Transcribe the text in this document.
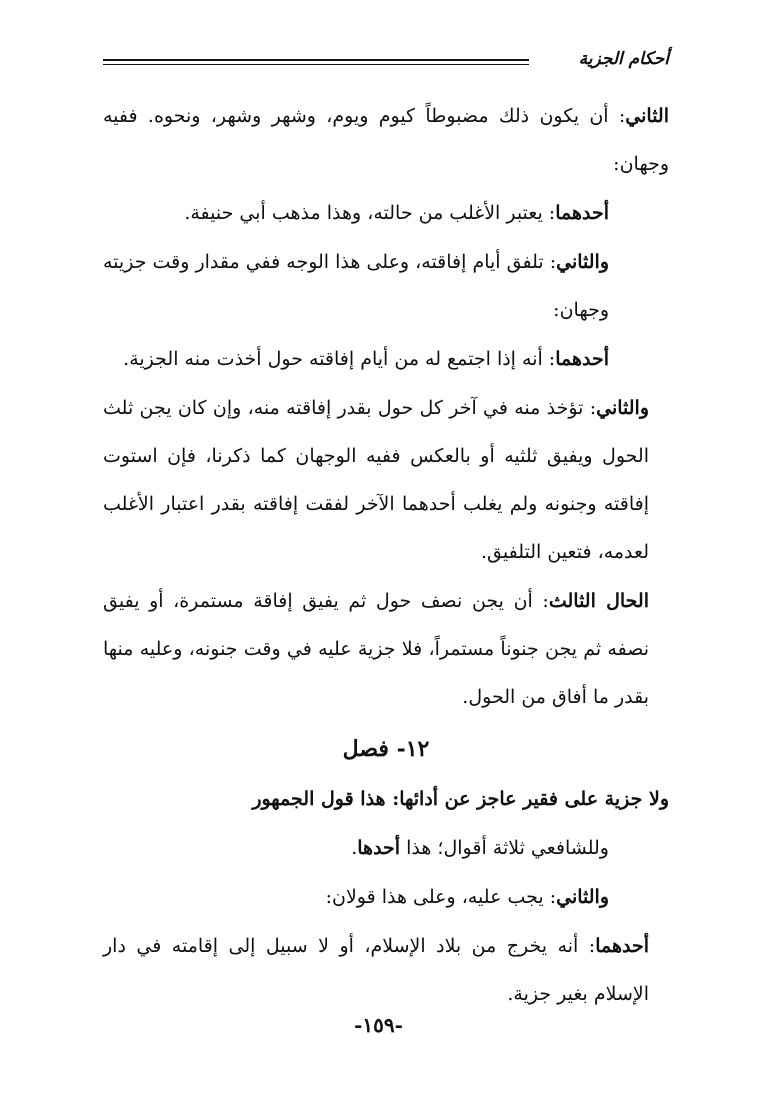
أحكام الجزية

الثاني: أن يكون ذلك مضبوطاً كيوم ويوم، وشهر وشهر، ونحوه. ففيه وجهان:

أحدهما: يعتبر الأغلب من حالته، وهذا مذهب أبي حنيفة.

والثاني: تلفق أيام إفاقته، وعلى هذا الوجه ففي مقدار وقت جزيته وجهان:

أحدهما: أنه إذا اجتمع له من أيام إفاقته حول أخذت منه الجزية.

والثاني: تؤخذ منه في آخر كل حول بقدر إفاقته منه، وإن كان يجن ثلث الحول ويفيق ثلثيه أو بالعكس ففيه الوجهان كما ذكرنا، فإن استوت إفاقته وجنونه ولم يغلب أحدهما الآخر لفقت إفاقته بقدر اعتبار الأغلب لعدمه، فتعين التلفيق.

الحال الثالث: أن يجن نصف حول ثم يفيق إفاقة مستمرة، أو يفيق نصفه ثم يجن جنوناً مستمراً، فلا جزية عليه في وقت جنونه، وعليه منها بقدر ما أفاق من الحول.

١٢- فصل

ولا جزية على فقير عاجز عن أدائها: هذا قول الجمهور

وللشافعي ثلاثة أقوال؛ هذا أحدها.

والثاني: يجب عليه، وعلى هذا قولان:

أحدهما: أنه يخرج من بلاد الإسلام، أو لا سبيل إلى إقامته في دار الإسلام بغير جزية.

-١٥٩-
